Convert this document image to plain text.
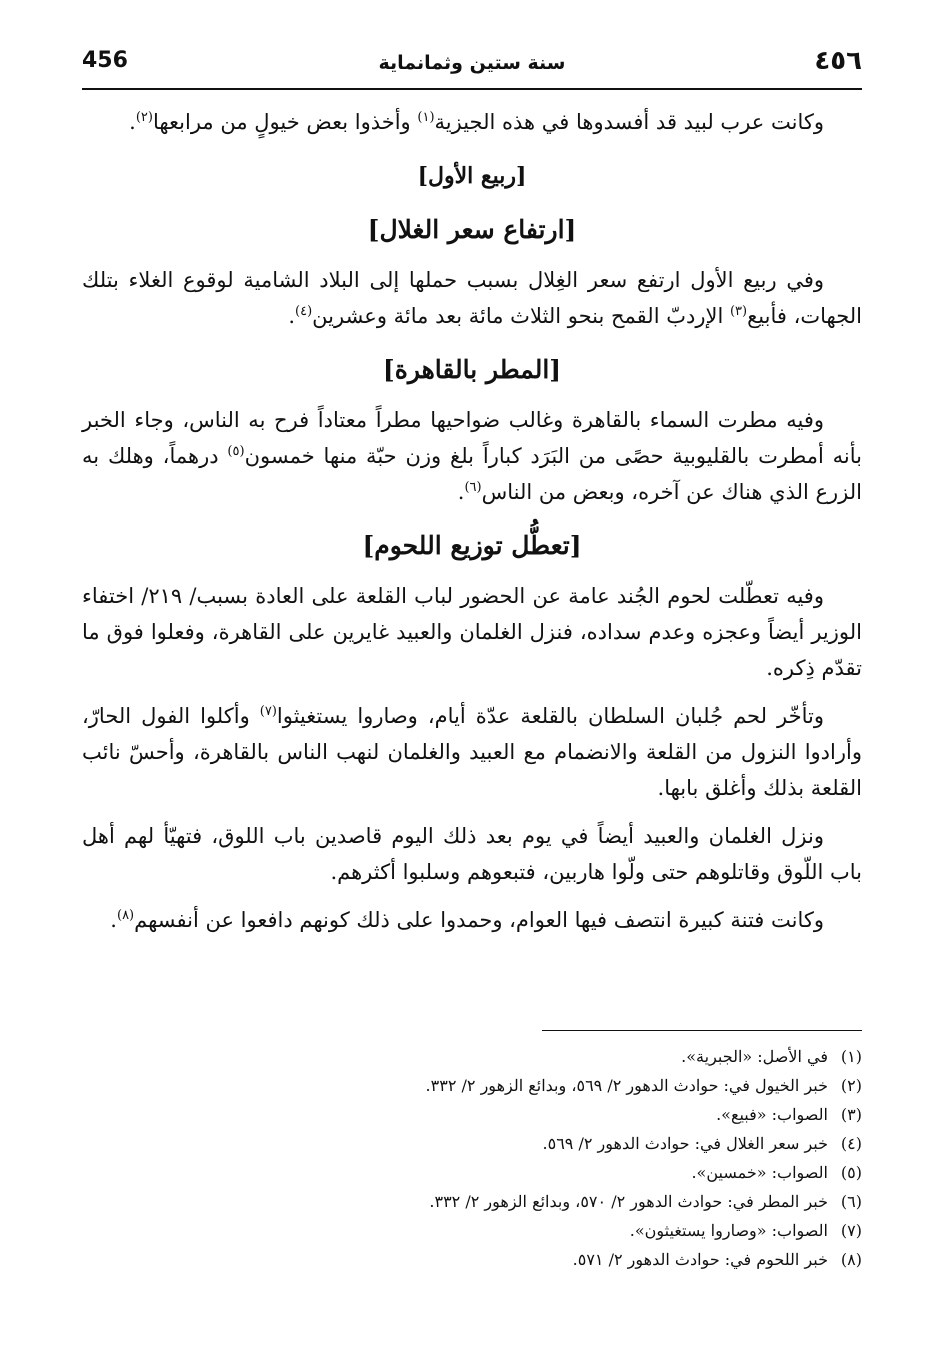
٤٥٦
سنة ستين وثمانماية
456

وكانت عرب لبيد قد أفسدوها في هذه الجيزية$^{(١)}$ وأخذوا بعض خيولٍ من مرابعها$^{(٢)}$.

[ربيع الأول]
[ارتفاع سعر الغلال]

وفي ربيع الأول ارتفع سعر الغِلال بسبب حملها إلى البلاد الشامية لوقوع الغلاء بتلك الجهات، فأبيع$^{(٣)}$ الإردبّ القمح بنحو الثلاث مائة بعد مائة وعشرين$^{(٤)}$.

[المطر بالقاهرة]

وفيه مطرت السماء بالقاهرة وغالب ضواحيها مطراً معتاداً فرح به الناس، وجاء الخبر بأنه أمطرت بالقليوبية حصًى من البَرَد كباراً بلغ وزن حبّة منها خمسون$^{(٥)}$ درهماً، وهلك به الزرع الذي هناك عن آخره، وبعض من الناس$^{(٦)}$.

[تعطُّل توزيع اللحوم]

وفيه تعطّلت لحوم الجُند عامة عن الحضور لباب القلعة على العادة بسبب/ ٢١٩/ اختفاء الوزير أيضاً وعجزه وعدم سداده، فنزل الغلمان والعبيد غايرين على القاهرة، وفعلوا فوق ما تقدّم ذِكره.

وتأخّر لحم جُلبان السلطان بالقلعة عدّة أيام، وصاروا يستغيثوا$^{(٧)}$ وأكلوا الفول الحارّ، وأرادوا النزول من القلعة والانضمام مع العبيد والغلمان لنهب الناس بالقاهرة، وأحسّ نائب القلعة بذلك وأغلق بابها.

ونزل الغلمان والعبيد أيضاً في يوم بعد ذلك اليوم قاصدين باب اللوق، فتهيّأ لهم أهل باب اللّوق وقاتلوهم حتى ولّوا هاربين، فتبعوهم وسلبوا أكثرهم.

وكانت فتنة كبيرة انتصف فيها العوام، وحمدوا على ذلك كونهم دافعوا عن أنفسهم$^{(٨)}$.

(١)في الأصل: «الجبرية».
(٢)خبر الخيول في: حوادث الدهور ٢/ ٥٦٩، وبدائع الزهور ٢/ ٣٣٢.
(٣)الصواب: «فبيع».
(٤)خبر سعر الغلال في: حوادث الدهور ٢/ ٥٦٩.
(٥)الصواب: «خمسين».
(٦)خبر المطر في: حوادث الدهور ٢/ ٥٧٠، وبدائع الزهور ٢/ ٣٣٢.
(٧)الصواب: «وصاروا يستغيثون».
(٨)خبر اللحوم في: حوادث الدهور ٢/ ٥٧١.
